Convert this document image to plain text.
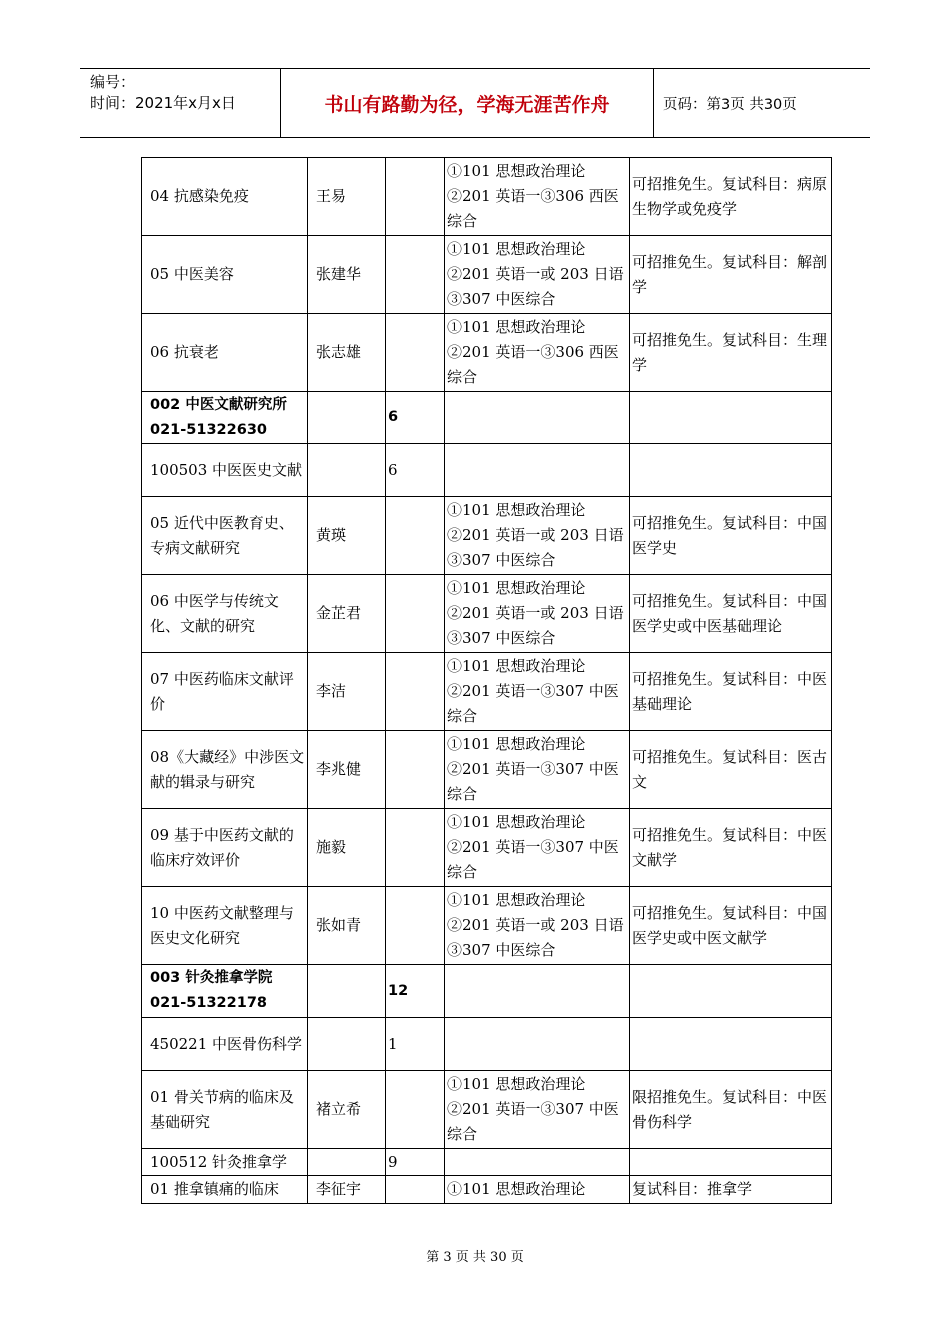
编号：
时间：2021年x月x日	书山有路勤为径，学海无涯苦作舟	页码：第3页 共30页
04 抗感染免疫	王易		①101 思想政治理论②201 英语一③306 西医综合	可招推免生。复试科目：病原生物学或免疫学
05 中医美容	张建华		①101 思想政治理论②201 英语一或 203 日语③307 中医综合	可招推免生。复试科目：解剖学
06 抗衰老	张志雄		①101 思想政治理论②201 英语一③306 西医综合	可招推免生。复试科目：生理学
002 中医文献研究所 021-51322630		6		
100503 中医医史文献		6		
05 近代中医教育史、专病文献研究	黄瑛		①101 思想政治理论②201 英语一或 203 日语③307 中医综合	可招推免生。复试科目：中国医学史
06 中医学与传统文化、文献的研究	金芷君		①101 思想政治理论②201 英语一或 203 日语③307 中医综合	可招推免生。复试科目：中国医学史或中医基础理论
07 中医药临床文献评价	李洁		①101 思想政治理论②201 英语一③307 中医综合	可招推免生。复试科目：中医基础理论
08《大藏经》中涉医文献的辑录与研究	李兆健		①101 思想政治理论②201 英语一③307 中医综合	可招推免生。复试科目：医古文
09 基于中医药文献的临床疗效评价	施毅		①101 思想政治理论②201 英语一③307 中医综合	可招推免生。复试科目：中医文献学
10 中医药文献整理与医史文化研究	张如青		①101 思想政治理论②201 英语一或 203 日语③307 中医综合	可招推免生。复试科目：中国医学史或中医文献学
003 针灸推拿学院 021-51322178		12		
450221 中医骨伤科学		1		
01 骨关节病的临床及基础研究	褚立希		①101 思想政治理论②201 英语一③307 中医综合	限招推免生。复试科目：中医骨伤科学
100512 针灸推拿学		9		
01 推拿镇痛的临床	李征宇		①101 思想政治理论	复试科目：推拿学
第 3 页 共 30 页
